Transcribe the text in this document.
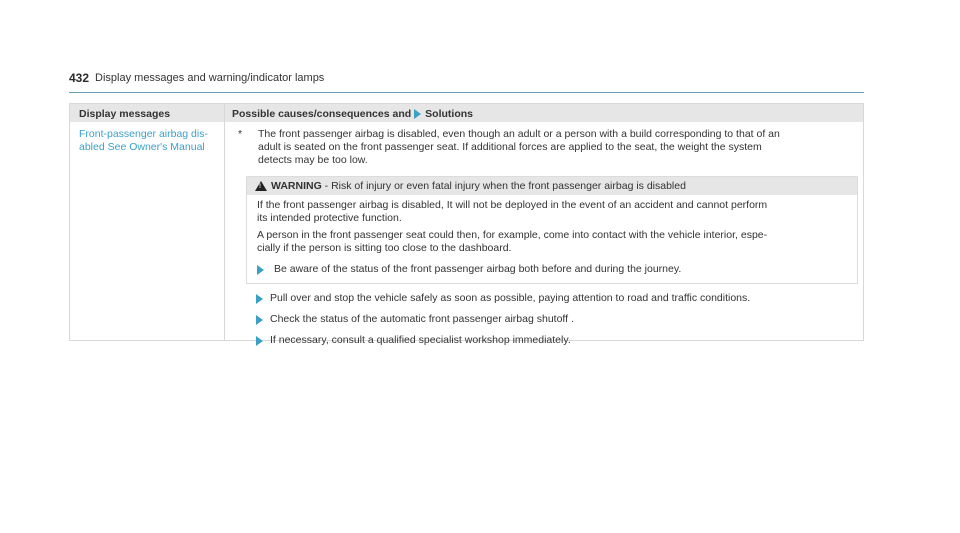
432 Display messages and warning/indicator lamps
Display messages	Possible causes/consequences and Solutions
Front-passenger airbag dis-
abled See Owner's Manual
* The front passenger airbag is disabled, even though an adult or a person with a build corresponding to that of an
adult is seated on the front passenger seat. If additional forces are applied to the seat, the weight the system
detects may be too low.
! WARNING - Risk of injury or even fatal injury when the front passenger airbag is disabled
If the front passenger airbag is disabled, It will not be deployed in the event of an accident and cannot perform
its intended protective function.
A person in the front passenger seat could then, for example, come into contact with the vehicle interior, espe-
cially if the person is sitting too close to the dashboard.
Be aware of the status of the front passenger airbag both before and during the journey.
Pull over and stop the vehicle safely as soon as possible, paying attention to road and traffic conditions.
Check the status of the automatic front passenger airbag shutoff .
If necessary, consult a qualified specialist workshop immediately.
